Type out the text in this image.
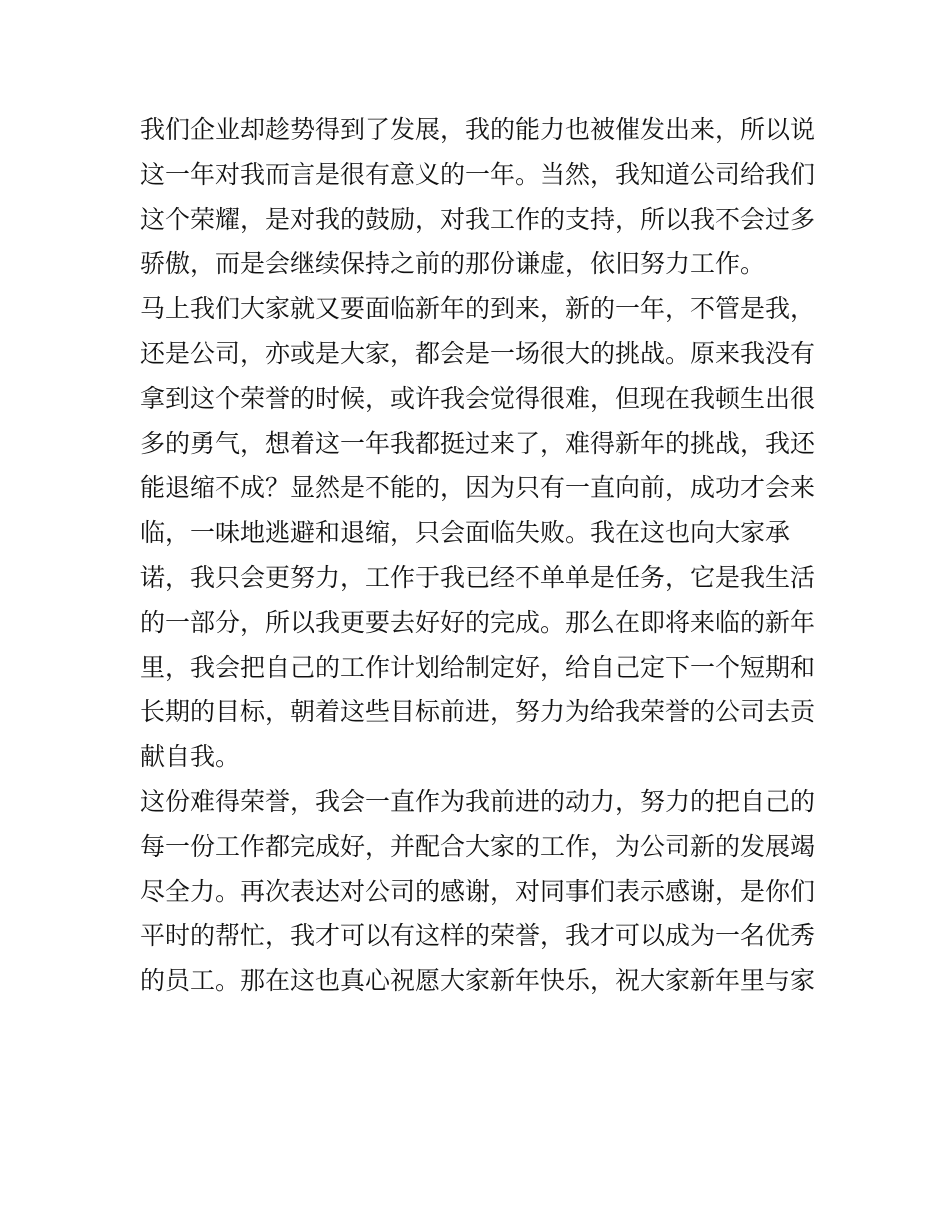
我们企业却趁势得到了发展，我的能力也被催发出来，所以说
这一年对我而言是很有意义的一年。当然，我知道公司给我们
这个荣耀，是对我的鼓励，对我工作的支持，所以我不会过多
骄傲，而是会继续保持之前的那份谦虚，依旧努力工作。
马上我们大家就又要面临新年的到来，新的一年，不管是我，
还是公司，亦或是大家，都会是一场很大的挑战。原来我没有
拿到这个荣誉的时候，或许我会觉得很难，但现在我顿生出很
多的勇气，想着这一年我都挺过来了，难得新年的挑战，我还
能退缩不成？显然是不能的，因为只有一直向前，成功才会来
临，一味地逃避和退缩，只会面临失败。我在这也向大家承
诺，我只会更努力，工作于我已经不单单是任务，它是我生活
的一部分，所以我更要去好好的完成。那么在即将来临的新年
里，我会把自己的工作计划给制定好，给自己定下一个短期和
长期的目标，朝着这些目标前进，努力为给我荣誉的公司去贡
献自我。
这份难得荣誉，我会一直作为我前进的动力，努力的把自己的
每一份工作都完成好，并配合大家的工作，为公司新的发展竭
尽全力。再次表达对公司的感谢，对同事们表示感谢，是你们
平时的帮忙，我才可以有这样的荣誉，我才可以成为一名优秀
的员工。那在这也真心祝愿大家新年快乐，祝大家新年里与家
